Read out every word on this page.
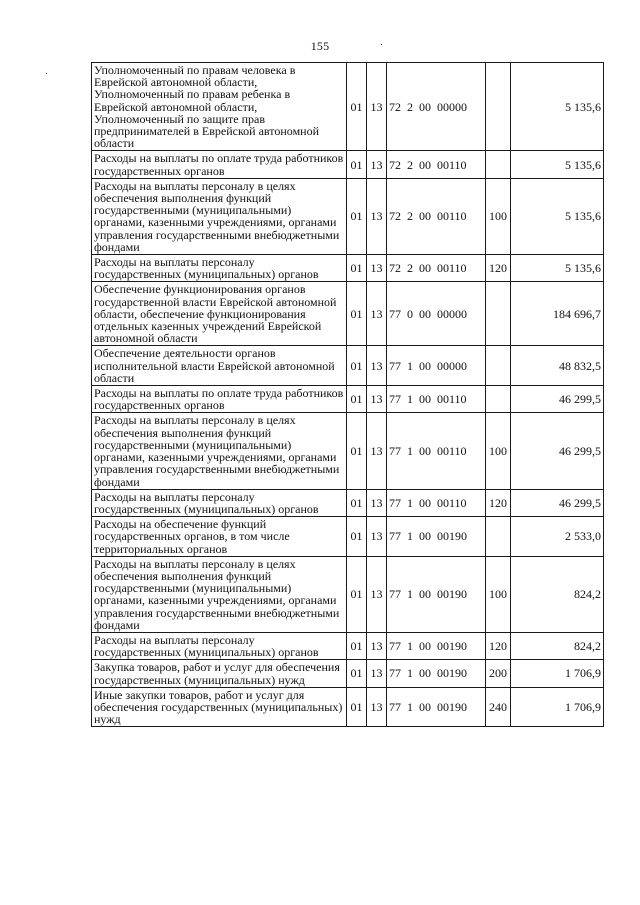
155
Уполномоченный по правам человека в Еврейской автономной области, Уполномоченный по правам ребенка в Еврейской автономной области, Уполномоченный по защите прав предпринимателей в Еврейской автономной области	01	13	72 2 00 00000		5 135,6
Расходы на выплаты по оплате труда работников государственных органов	01	13	72 2 00 00110		5 135,6
Расходы на выплаты персоналу в целях обеспечения выполнения функций государственными (муниципальными) органами, казенными учреждениями, органами управления государственными внебюджетными фондами	01	13	72 2 00 00110	100	5 135,6
Расходы на выплаты персоналу государственных (муниципальных) органов	01	13	72 2 00 00110	120	5 135,6
Обеспечение функционирования органов государственной власти Еврейской автономной области, обеспечение функционирования отдельных казенных учреждений Еврейской автономной области	01	13	77 0 00 00000		184 696,7
Обеспечение деятельности органов исполнительной власти Еврейской автономной области	01	13	77 1 00 00000		48 832,5
Расходы на выплаты по оплате труда работников государственных органов	01	13	77 1 00 00110		46 299,5
Расходы на выплаты персоналу в целях обеспечения выполнения функций государственными (муниципальными) органами, казенными учреждениями, органами управления государственными внебюджетными фондами	01	13	77 1 00 00110	100	46 299,5
Расходы на выплаты персоналу государственных (муниципальных) органов	01	13	77 1 00 00110	120	46 299,5
Расходы на обеспечение функций государственных органов, в том числе территориальных органов	01	13	77 1 00 00190		2 533,0
Расходы на выплаты персоналу в целях обеспечения выполнения функций государственными (муниципальными) органами, казенными учреждениями, органами управления государственными внебюджетными фондами	01	13	77 1 00 00190	100	824,2
Расходы на выплаты персоналу государственных (муниципальных) органов	01	13	77 1 00 00190	120	824,2
Закупка товаров, работ и услуг для обеспечения государственных (муниципальных) нужд	01	13	77 1 00 00190	200	1 706,9
Иные закупки товаров, работ и услуг для обеспечения государственных (муниципальных) нужд	01	13	77 1 00 00190	240	1 706,9
